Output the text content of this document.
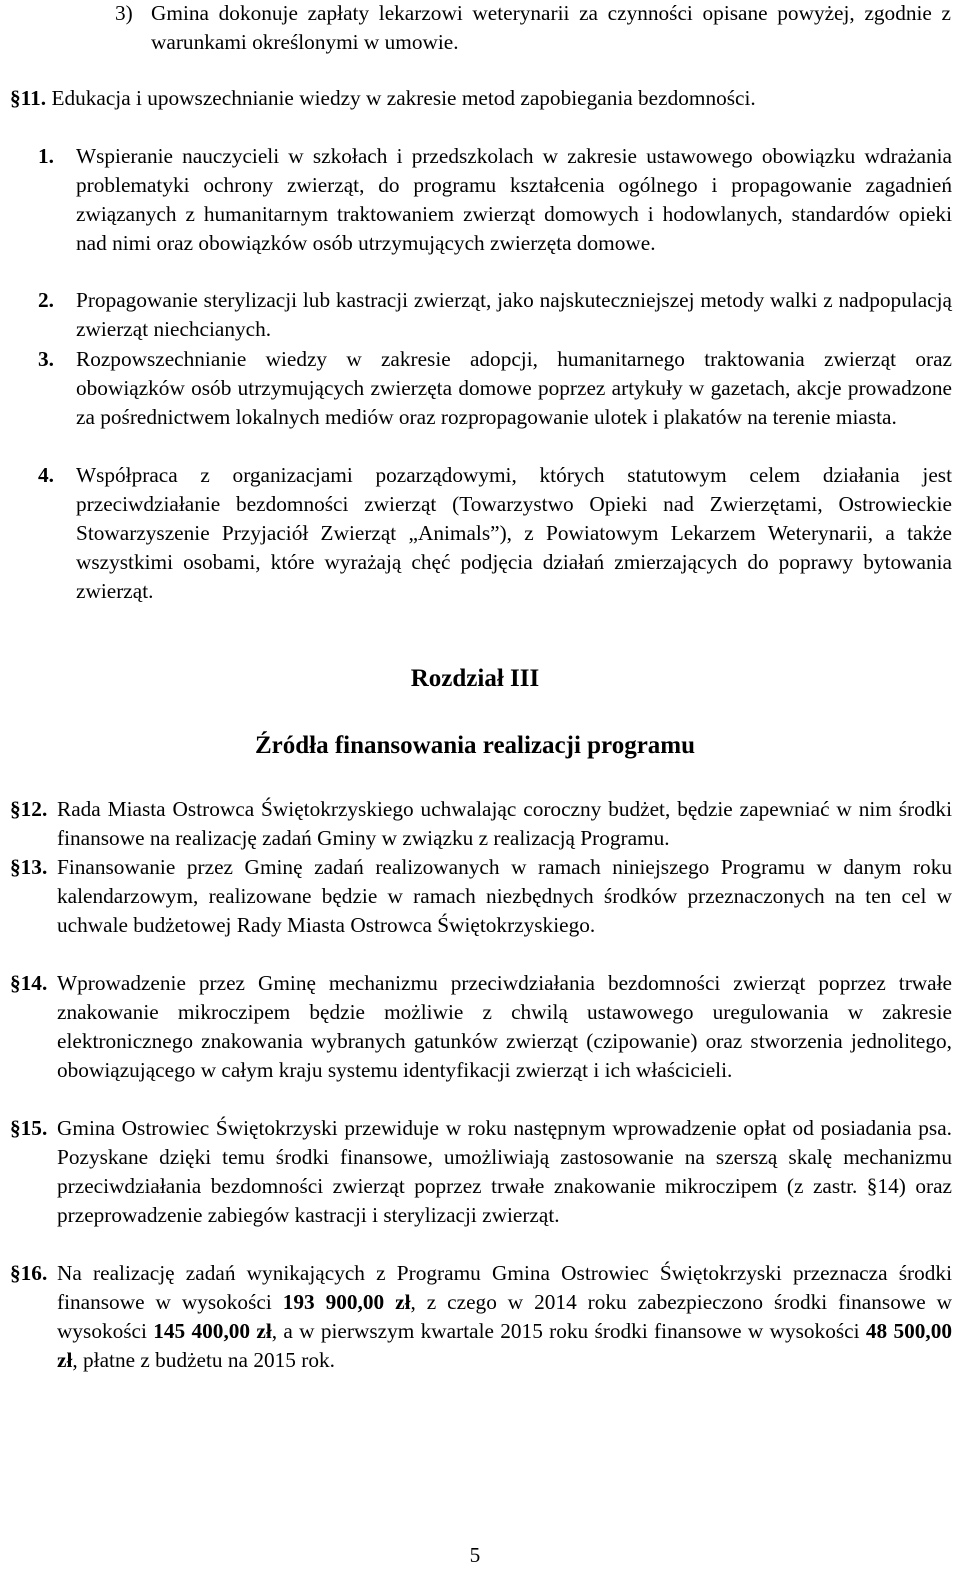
3) Gmina dokonuje zapłaty lekarzowi weterynarii za czynności opisane powyżej, zgodnie z warunkami określonymi w umowie.
§11. Edukacja i upowszechnianie wiedzy w zakresie metod zapobiegania bezdomności.
1.	Wspieranie nauczycieli w szkołach i przedszkolach w zakresie ustawowego obowiązku wdrażania problematyki ochrony zwierząt, do programu kształcenia ogólnego i propagowanie zagadnień związanych z humanitarnym traktowaniem zwierząt domowych i hodowlanych, standardów opieki nad nimi oraz obowiązków osób utrzymujących zwierzęta domowe.
2.	Propagowanie sterylizacji lub kastracji zwierząt, jako najskuteczniejszej metody walki z nadpopulacją zwierząt niechcianych.
3.	Rozpowszechnianie wiedzy w zakresie adopcji, humanitarnego traktowania zwierząt oraz obowiązków osób utrzymujących zwierzęta domowe poprzez artykuły w gazetach, akcje prowadzone za pośrednictwem lokalnych mediów oraz rozpropagowanie ulotek i plakatów na terenie miasta.
4.	Współpraca z organizacjami pozarządowymi, których statutowym celem działania jest przeciwdziałanie bezdomności zwierząt (Towarzystwo Opieki nad Zwierzętami, Ostrowieckie Stowarzyszenie Przyjaciół Zwierząt „Animals”), z Powiatowym Lekarzem Weterynarii, a także wszystkimi osobami, które wyrażają chęć podjęcia działań zmierzających do poprawy bytowania zwierząt.
Rozdział III
Źródła finansowania realizacji programu
§12. Rada Miasta Ostrowca Świętokrzyskiego uchwalając coroczny budżet, będzie zapewniać w nim środki finansowe na realizację zadań Gminy w związku z realizacją Programu.
§13. Finansowanie przez Gminę zadań realizowanych w ramach niniejszego Programu w danym roku kalendarzowym, realizowane będzie w ramach niezbędnych środków przeznaczonych na ten cel w uchwale budżetowej Rady Miasta Ostrowca Świętokrzyskiego.
§14. Wprowadzenie przez Gminę mechanizmu przeciwdziałania bezdomności zwierząt poprzez trwałe znakowanie mikroczipem będzie możliwie z chwilą ustawowego uregulowania w zakresie elektronicznego znakowania wybranych gatunków zwierząt (czipowanie) oraz stworzenia jednolitego, obowiązującego w całym kraju systemu identyfikacji zwierząt i ich właścicieli.
§15. Gmina Ostrowiec Świętokrzyski przewiduje w roku następnym wprowadzenie opłat od posiadania psa. Pozyskane dzięki temu środki finansowe, umożliwiają zastosowanie na szerszą skalę mechanizmu przeciwdziałania bezdomności zwierząt poprzez trwałe znakowanie mikroczipem (z zastr. §14) oraz przeprowadzenie zabiegów kastracji i sterylizacji zwierząt.
§16. Na realizację zadań wynikających z Programu Gmina Ostrowiec Świętokrzyski przeznacza środki finansowe w wysokości 193 900,00 zł, z czego w 2014 roku zabezpieczono środki finansowe w wysokości 145 400,00 zł, a w pierwszym kwartale 2015 roku środki finansowe w wysokości 48 500,00 zł, płatne z budżetu na 2015 rok.
5
